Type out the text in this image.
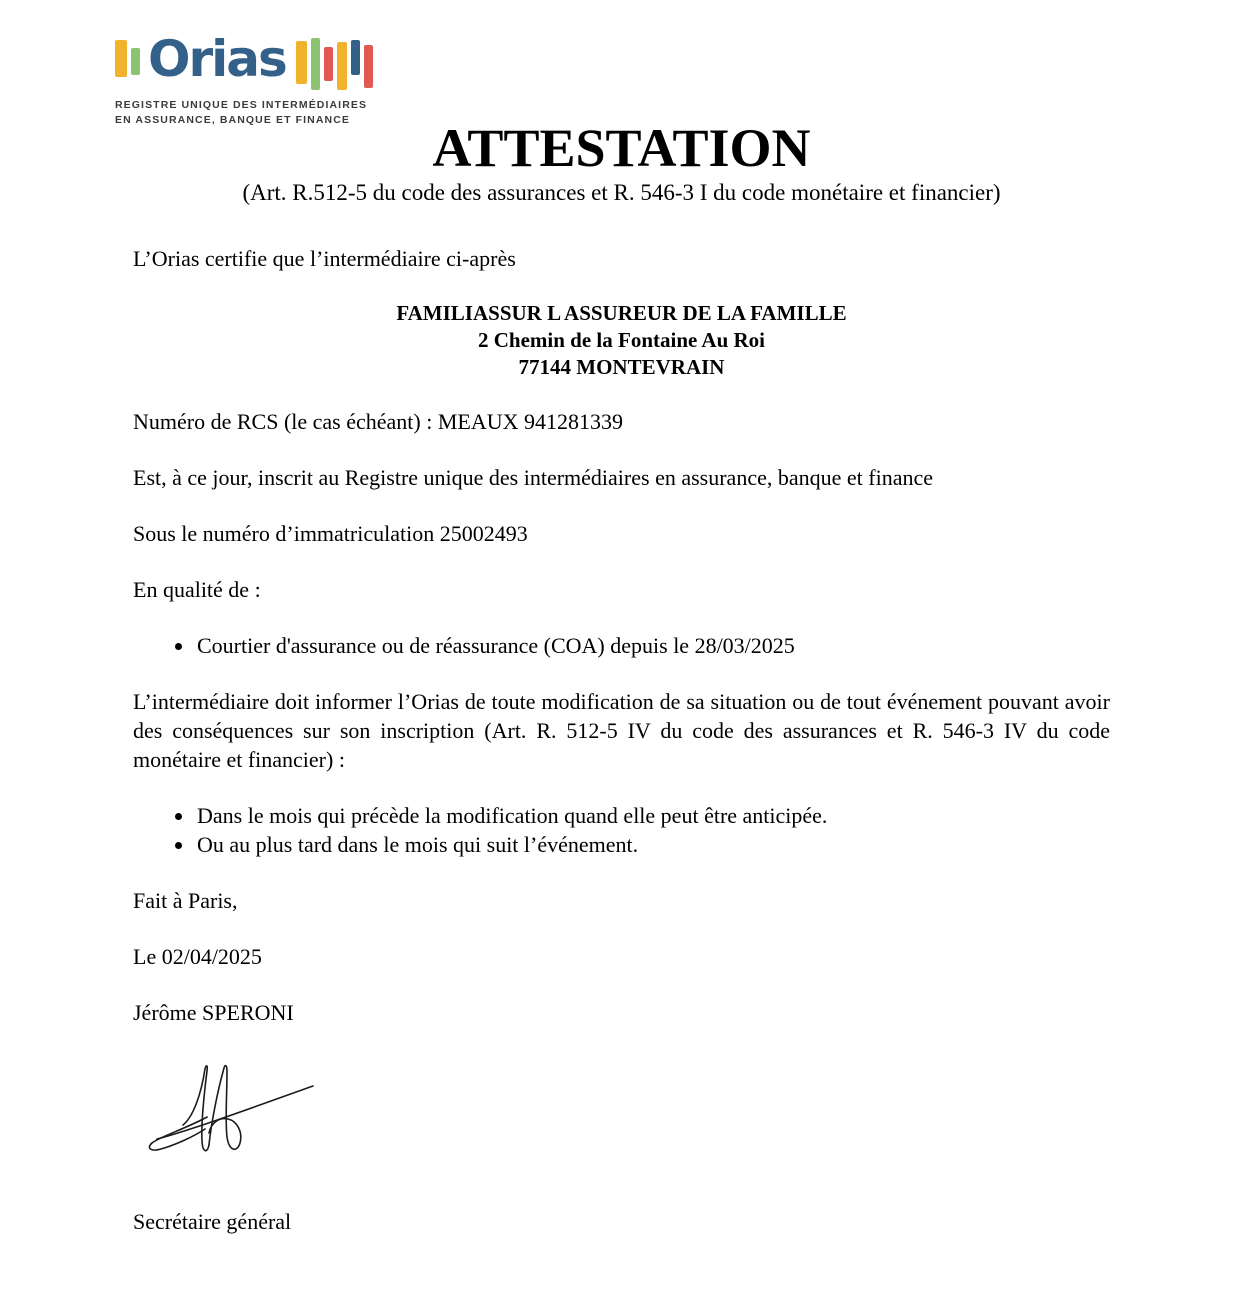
Orias
REGISTRE UNIQUE DES INTERMÉDIAIRES
EN ASSURANCE, BANQUE ET FINANCE	ATTESTATION
(Art. R.512-5 du code des assurances et R. 546-3 I du code monétaire et financier)

L’Orias certifie que l’intermédiaire ci-après

FAMILIASSUR L ASSUREUR DE LA FAMILLE
2 Chemin de la Fontaine Au Roi
77144 MONTEVRAIN

Numéro de RCS (le cas échéant) : MEAUX 941281339

Est, à ce jour, inscrit au Registre unique des intermédiaires en assurance, banque et finance

Sous le numéro d’immatriculation 25002493

En qualité de :

• Courtier d'assurance ou de réassurance (COA) depuis le 28/03/2025

L’intermédiaire doit informer l’Orias de toute modification de sa situation ou de tout événement pouvant avoir des conséquences sur son inscription (Art. R. 512-5 IV du code des assurances et R. 546-3 IV du code monétaire et financier) :

• Dans le mois qui précède la modification quand elle peut être anticipée.
• Ou au plus tard dans le mois qui suit l’événement.

Fait à Paris,

Le 02/04/2025

Jérôme SPERONI

Secrétaire général
